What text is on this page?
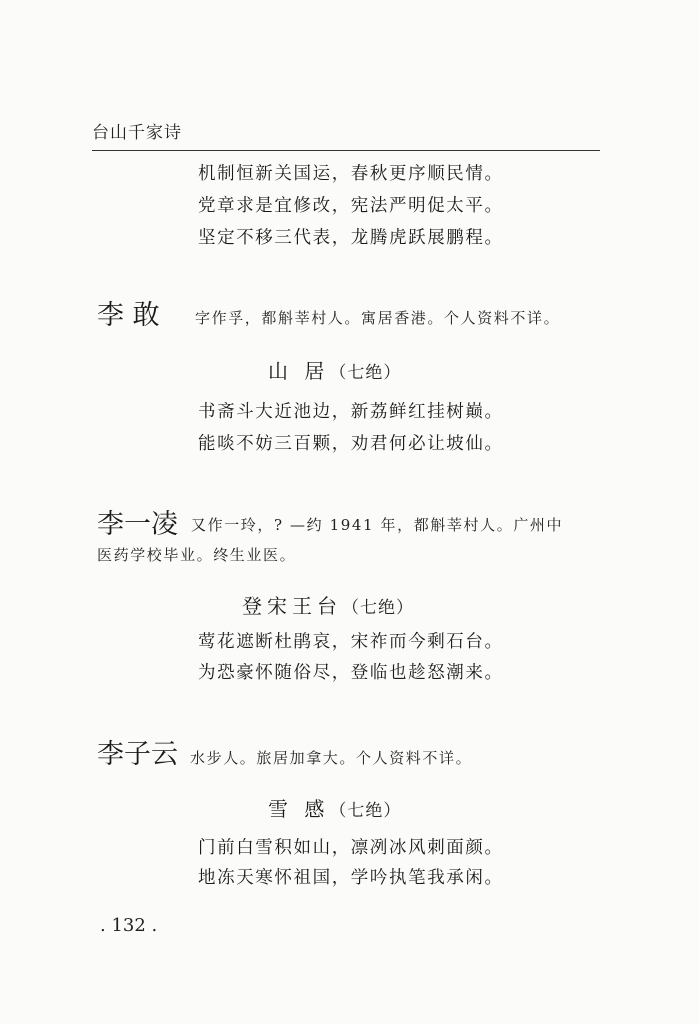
台山千家诗
机制恒新关国运，春秋更序顺民情。
党章求是宜修改，宪法严明促太平。
坚定不移三代表，龙腾虎跃展鹏程。
李 敢 字作孚，都斛莘村人。寓居香港。个人资料不详。
山 居（七绝）
书斋斗大近池边，新荔鲜红挂树巅。
能啖不妨三百颗，劝君何必让坡仙。
李一凌 又作一玲，? —约 1941 年，都斛莘村人。广州中
医药学校毕业。终生业医。
登宋王台（七绝）
莺花遮断杜鹃哀，宋祚而今剩石台。
为恐豪怀随俗尽，登临也趁怒潮来。
李子云 水步人。旅居加拿大。个人资料不详。
雪 感（七绝）
门前白雪积如山，凛冽冰风刺面颜。
地冻天寒怀祖国，学吟执笔我承闲。
. 132 .
